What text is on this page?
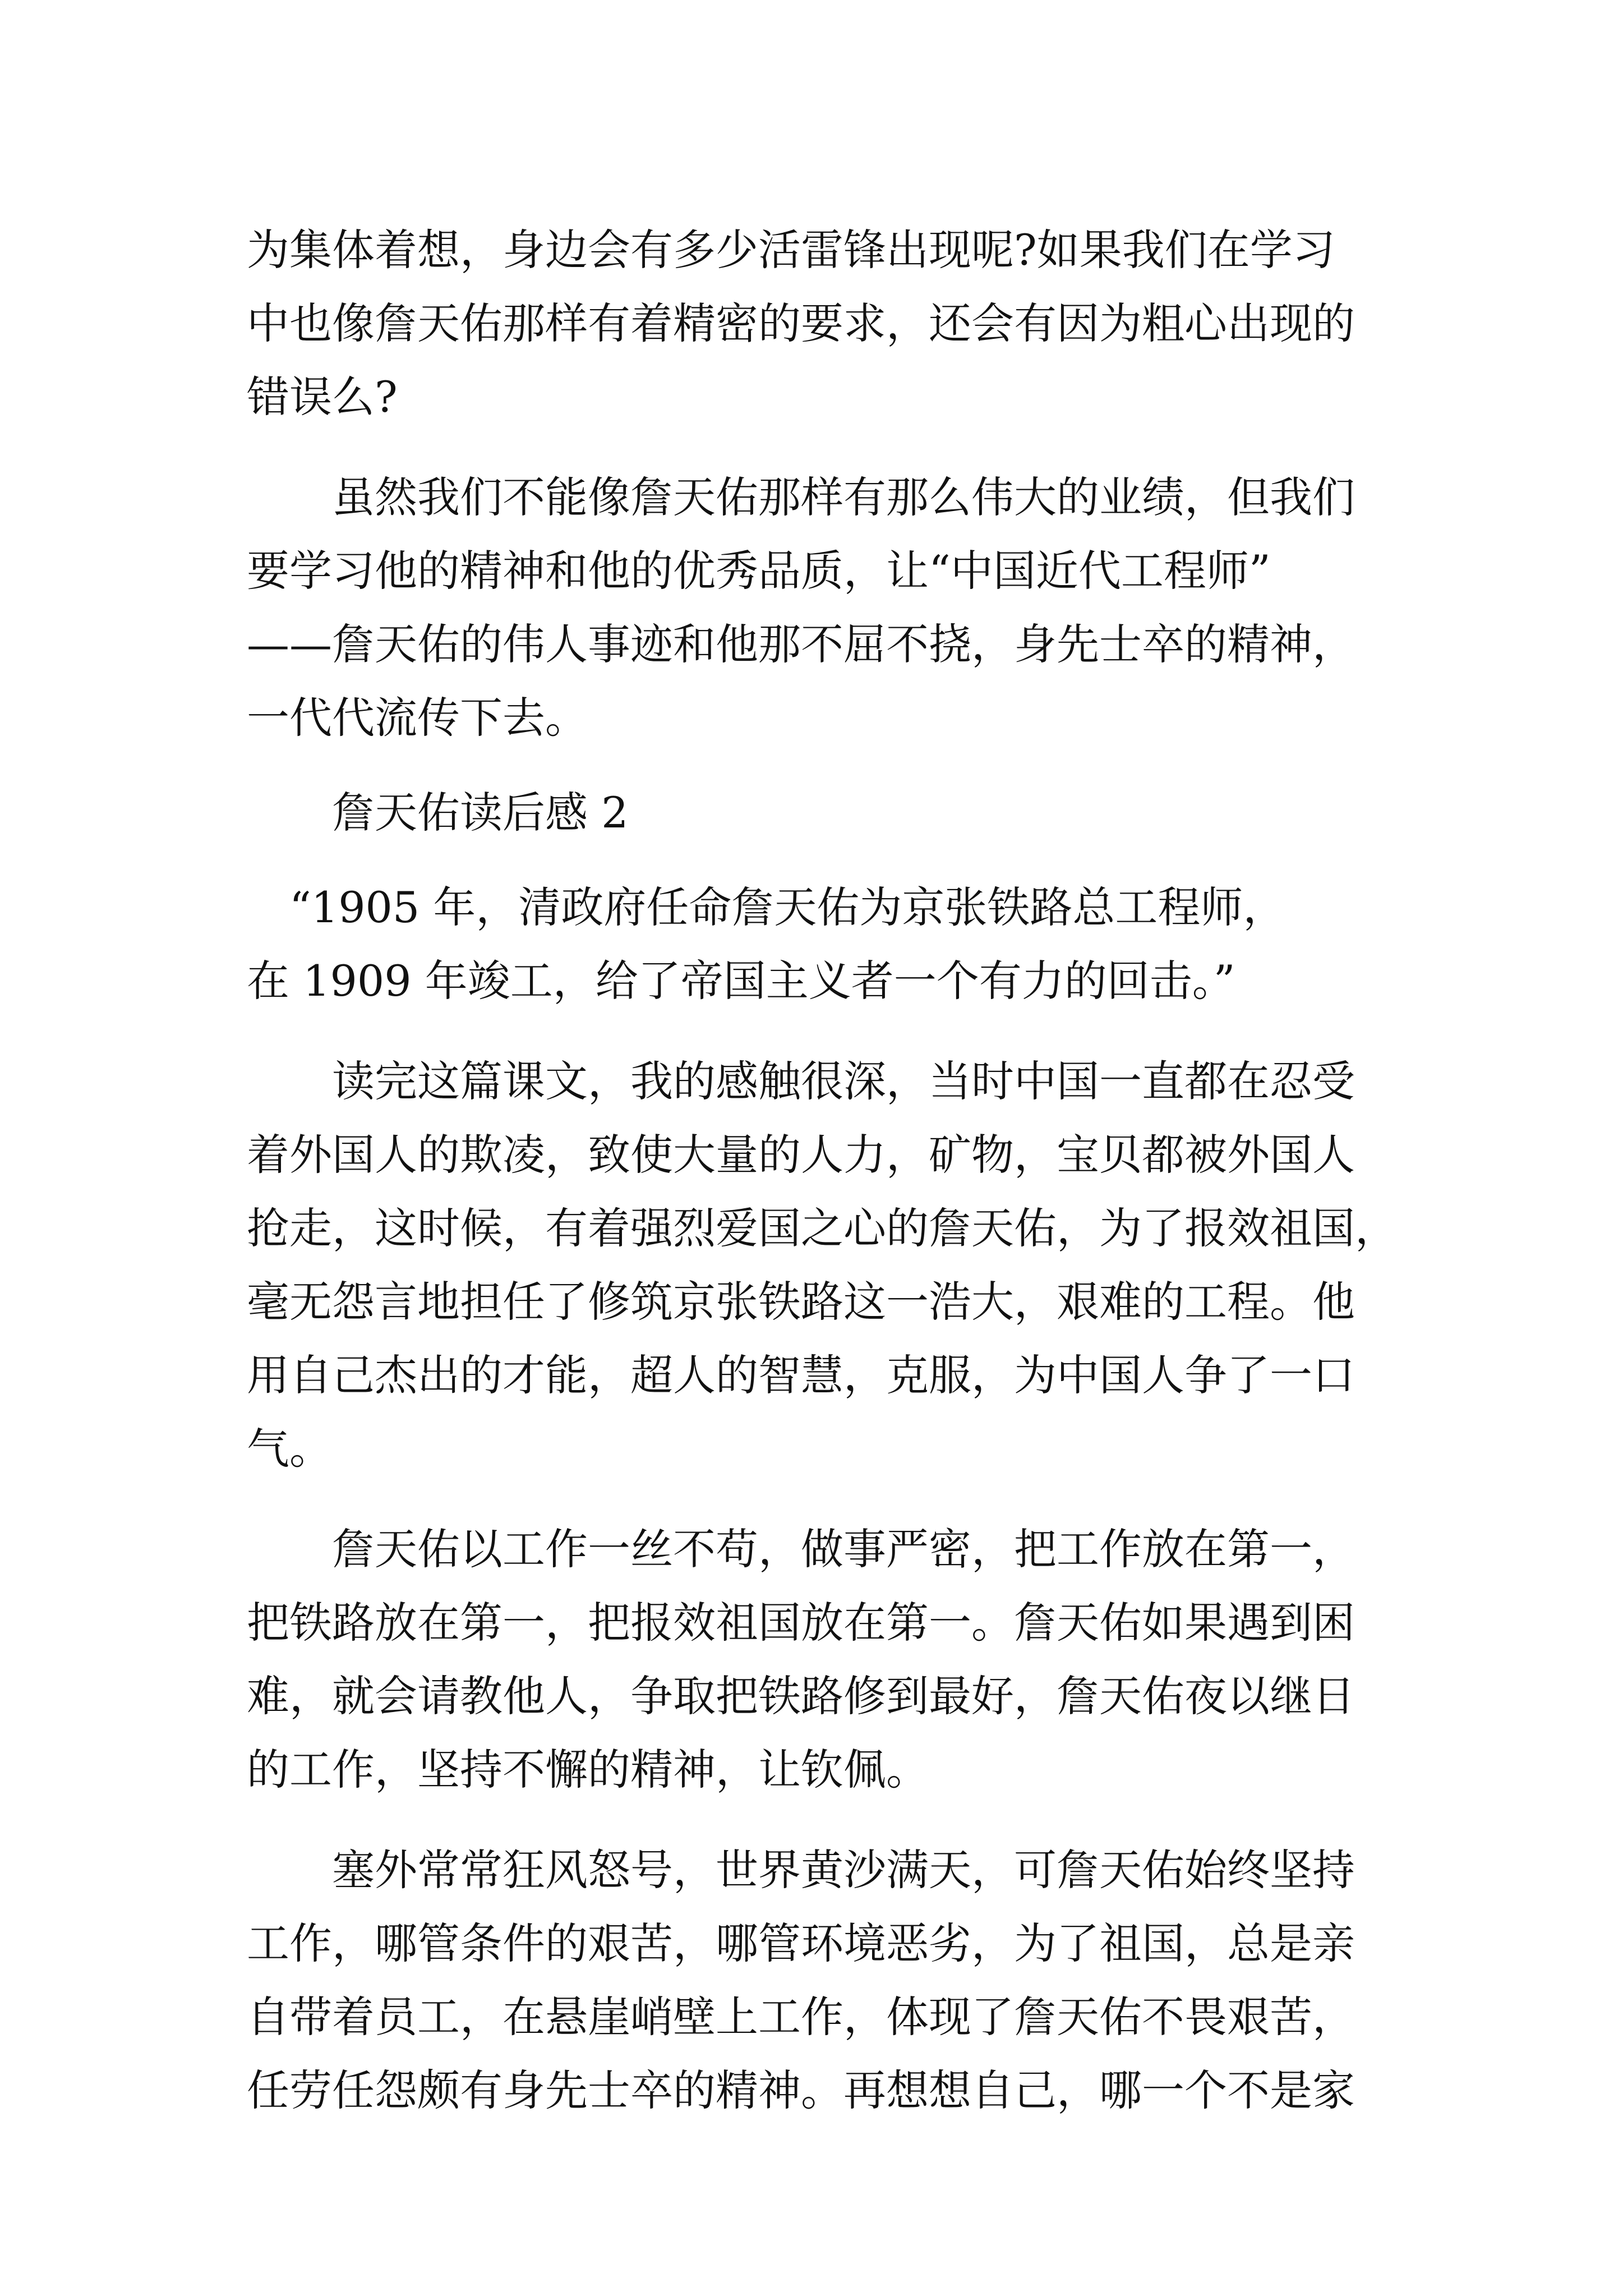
为集体着想，身边会有多少活雷锋出现呢?如果我们在学习
中也像詹天佑那样有着精密的要求，还会有因为粗心出现的
错误么?
　　虽然我们不能像詹天佑那样有那么伟大的业绩，但我们
要学习他的精神和他的优秀品质，让“中国近代工程师”
——詹天佑的伟人事迹和他那不屈不挠，身先士卒的精神，
一代代流传下去。
　　詹天佑读后感 2
　“1905 年，清政府任命詹天佑为京张铁路总工程师，
在 1909 年竣工，给了帝国主义者一个有力的回击。”
　　读完这篇课文，我的感触很深，当时中国一直都在忍受
着外国人的欺凌，致使大量的人力，矿物，宝贝都被外国人
抢走，这时候，有着强烈爱国之心的詹天佑，为了报效祖国，
毫无怨言地担任了修筑京张铁路这一浩大，艰难的工程。他
用自己杰出的才能，超人的智慧，克服，为中国人争了一口
气。
　　詹天佑以工作一丝不苟，做事严密，把工作放在第一，
把铁路放在第一，把报效祖国放在第一。詹天佑如果遇到困
难，就会请教他人，争取把铁路修到最好，詹天佑夜以继日
的工作，坚持不懈的精神，让钦佩。
　　塞外常常狂风怒号，世界黄沙满天，可詹天佑始终坚持
工作，哪管条件的艰苦，哪管环境恶劣，为了祖国，总是亲
自带着员工，在悬崖峭壁上工作，体现了詹天佑不畏艰苦，
任劳任怨颇有身先士卒的精神。再想想自己，哪一个不是家
